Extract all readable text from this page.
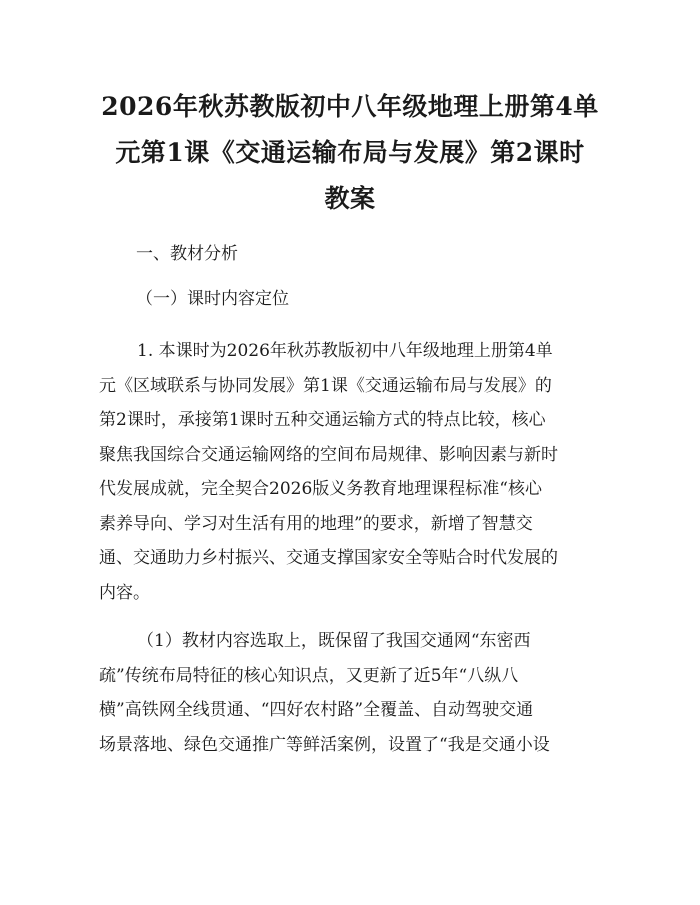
2026年秋苏教版初中八年级地理上册第4单
元第1课《交通运输布局与发展》第2课时
教案
一、教材分析
（一）课时内容定位
1. 本课时为2026年秋苏教版初中八年级地理上册第4单
元《区域联系与协同发展》第1课《交通运输布局与发展》的
第2课时，承接第1课时五种交通运输方式的特点比较，核心
聚焦我国综合交通运输网络的空间布局规律、影响因素与新时
代发展成就，完全契合2026版义务教育地理课程标准“核心
素养导向、学习对生活有用的地理”的要求，新增了智慧交
通、交通助力乡村振兴、交通支撑国家安全等贴合时代发展的
内容。
（1）教材内容选取上，既保留了我国交通网“东密西
疏”传统布局特征的核心知识点，又更新了近5年“八纵八
横”高铁网全线贯通、“四好农村路”全覆盖、自动驾驶交通
场景落地、绿色交通推广等鲜活案例，设置了“我是交通小设
